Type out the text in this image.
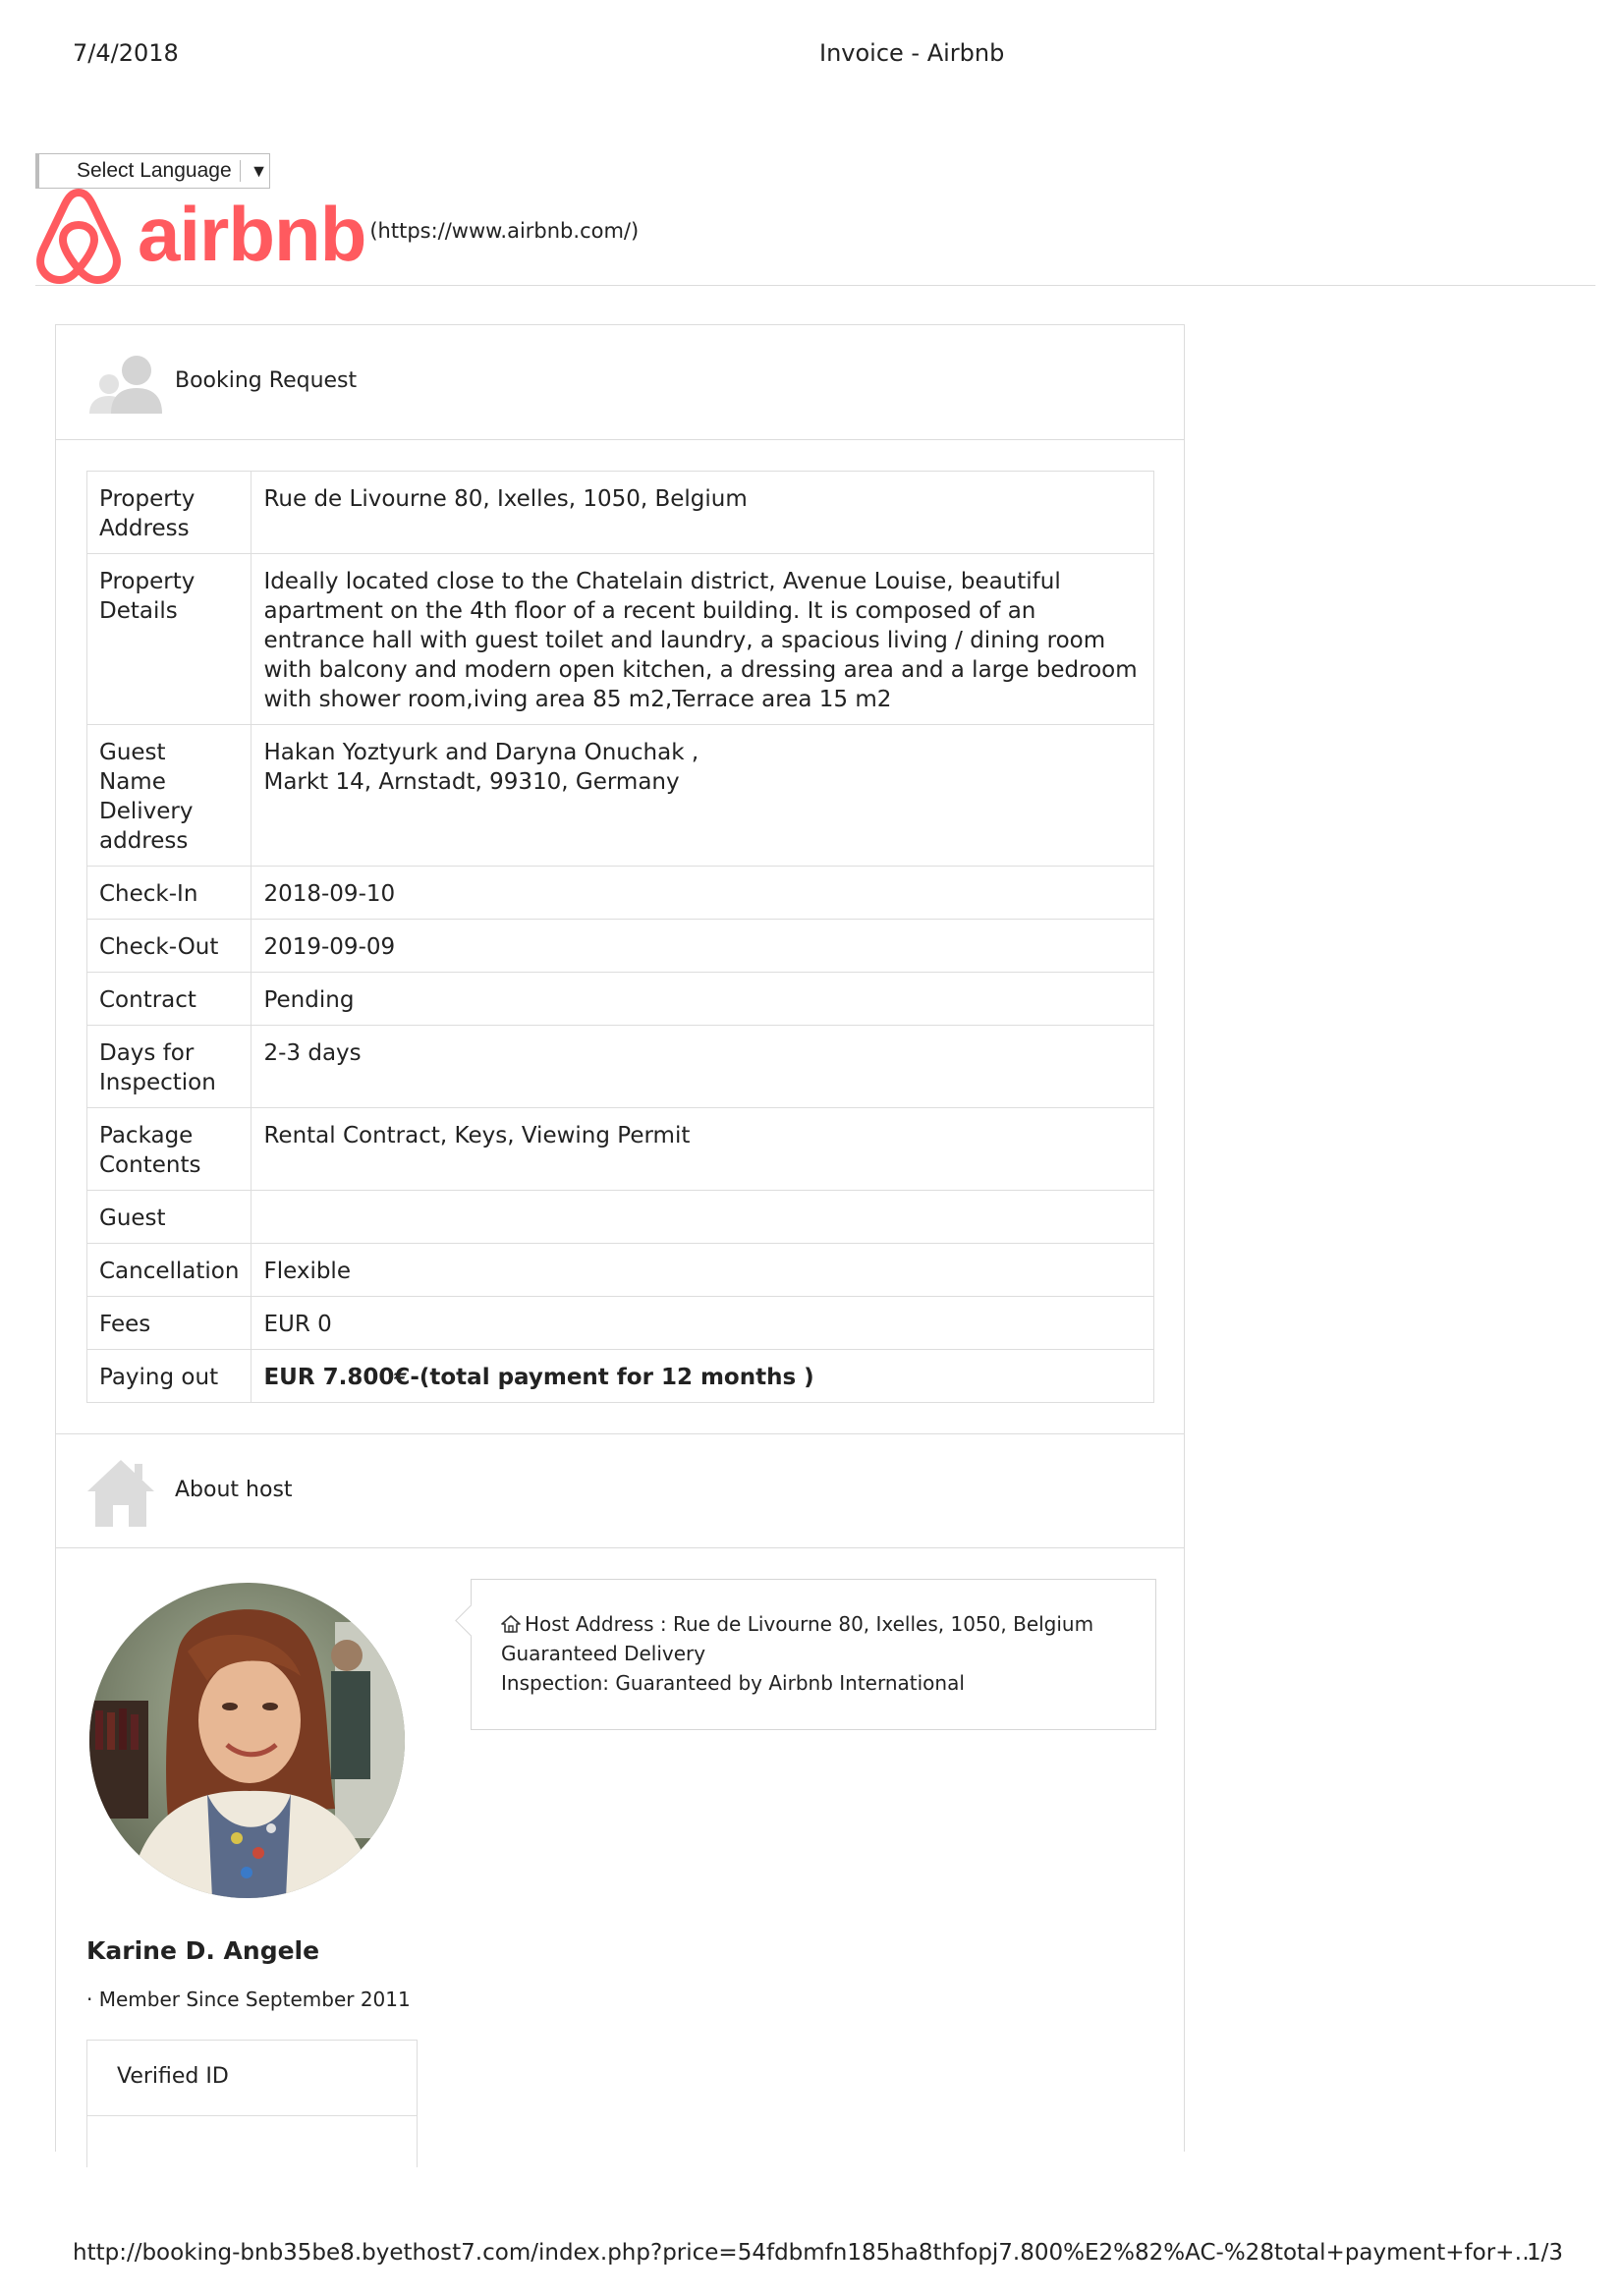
7/4/2018	Invoice - Airbnb
Select Language ▼
airbnb (https://www.airbnb.com/)
Booking Request
Property Address	Rue de Livourne 80, Ixelles, 1050, Belgium
Property Details	Ideally located close to the Chatelain district, Avenue Louise, beautiful apartment on the 4th floor of a recent building. It is composed of an entrance hall with guest toilet and laundry, a spacious living / dining room with balcony and modern open kitchen, a dressing area and a large bedroom with shower room,iving area 85 m2,Terrace area 15 m2
Guest Name Delivery address	Hakan Yoztyurk and Daryna Onuchak ,
Markt 14, Arnstadt, 99310, Germany
Check-In	2018-09-10
Check-Out	2019-09-09
Contract	Pending
Days for Inspection	2-3 days
Package Contents	Rental Contract, Keys, Viewing Permit
Guest	
Cancellation	Flexible
Fees	EUR 0
Paying out	EUR 7.800€-(total payment for 12 months )
About host
Host Address : Rue de Livourne 80, Ixelles, 1050, Belgium
Guaranteed Delivery
Inspection: Guaranteed by Airbnb International
Karine D. Angele
· Member Since September 2011
Verified ID
http://booking-bnb35be8.byethost7.com/index.php?price=54fdbmfn185ha8thfopj7.800%E2%82%AC-%28total+payment+for+…
1/3
